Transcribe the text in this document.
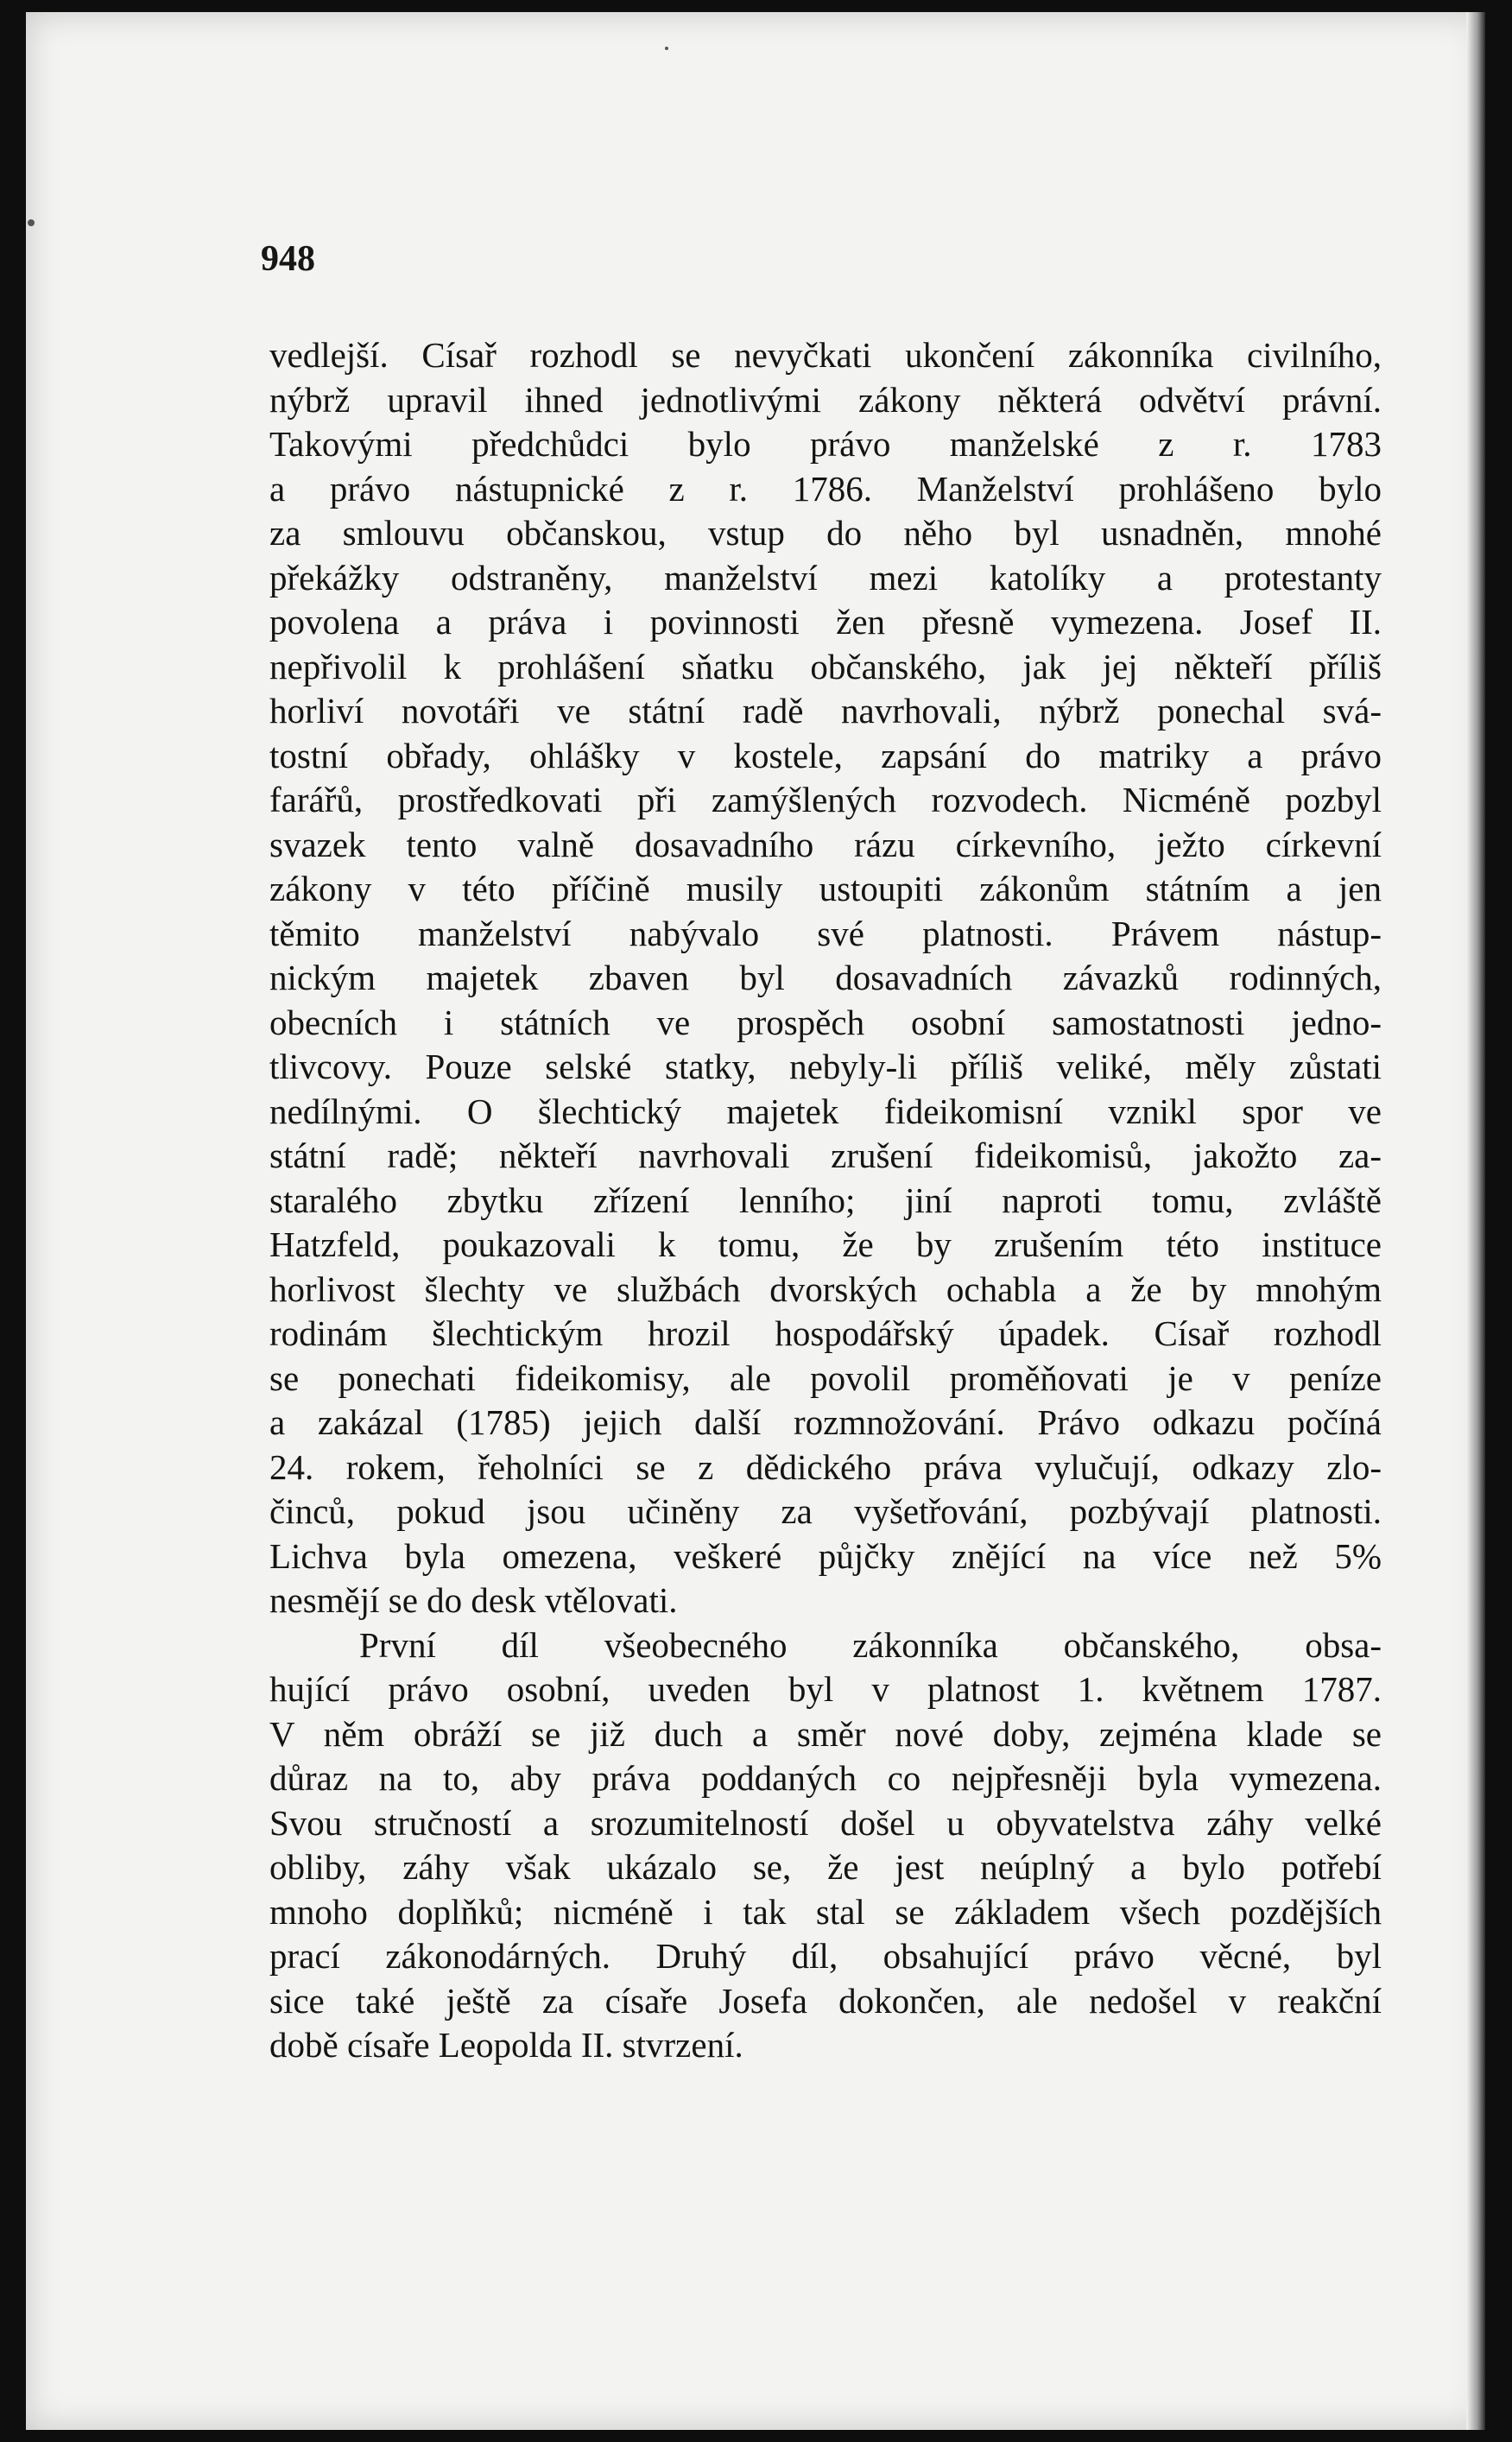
948
vedlejší. Císař rozhodl se nevyčkati ukončení zákonníka civilního,
nýbrž upravil ihned jednotlivými zákony některá odvětví právní.
Takovými předchůdci bylo právo manželské z r. 1783
a právo nástupnické z r. 1786. Manželství prohlášeno bylo
za smlouvu občanskou, vstup do něho byl usnadněn, mnohé
překážky odstraněny, manželství mezi katolíky a protestanty
povolena a práva i povinnosti žen přesně vymezena. Josef II.
nepřivolil k prohlášení sňatku občanského, jak jej někteří příliš
horliví novotáři ve státní radě navrhovali, nýbrž ponechal svá-
tostní obřady, ohlášky v kostele, zapsání do matriky a právo
farářů, prostředkovati při zamýšlených rozvodech. Nicméně pozbyl
svazek tento valně dosavadního rázu církevního, ježto církevní
zákony v této příčině musily ustoupiti zákonům státním a jen
těmito manželství nabývalo své platnosti. Právem nástup-
nickým majetek zbaven byl dosavadních závazků rodinných,
obecních i státních ve prospěch osobní samostatnosti jedno-
tlivcovy. Pouze selské statky, nebyly-li příliš veliké, měly zůstati
nedílnými. O šlechtický majetek fideikomisní vznikl spor ve
státní radě; někteří navrhovali zrušení fideikomisů, jakožto za-
staralého zbytku zřízení lenního; jiní naproti tomu, zvláště
Hatzfeld, poukazovali k tomu, že by zrušením této instituce
horlivost šlechty ve službách dvorských ochabla a že by mnohým
rodinám šlechtickým hrozil hospodářský úpadek. Císař rozhodl
se ponechati fideikomisy, ale povolil proměňovati je v peníze
a zakázal (1785) jejich další rozmnožování. Právo odkazu počíná
24. rokem, řeholníci se z dědického práva vylučují, odkazy zlo-
činců, pokud jsou učiněny za vyšetřování, pozbývají platnosti.
Lichva byla omezena, veškeré půjčky znějící na více než 5%
nesmějí se do desk vtělovati.
První díl všeobecného zákonníka občanského, obsa-
hující právo osobní, uveden byl v platnost 1. květnem 1787.
V něm obráží se již duch a směr nové doby, zejména klade se
důraz na to, aby práva poddaných co nejpřesněji byla vymezena.
Svou stručností a srozumitelností došel u obyvatelstva záhy velké
obliby, záhy však ukázalo se, že jest neúplný a bylo potřebí
mnoho doplňků; nicméně i tak stal se základem všech pozdějších
prací zákonodárných. Druhý díl, obsahující právo věcné, byl
sice také ještě za císaře Josefa dokončen, ale nedošel v reakční
době císaře Leopolda II. stvrzení.
